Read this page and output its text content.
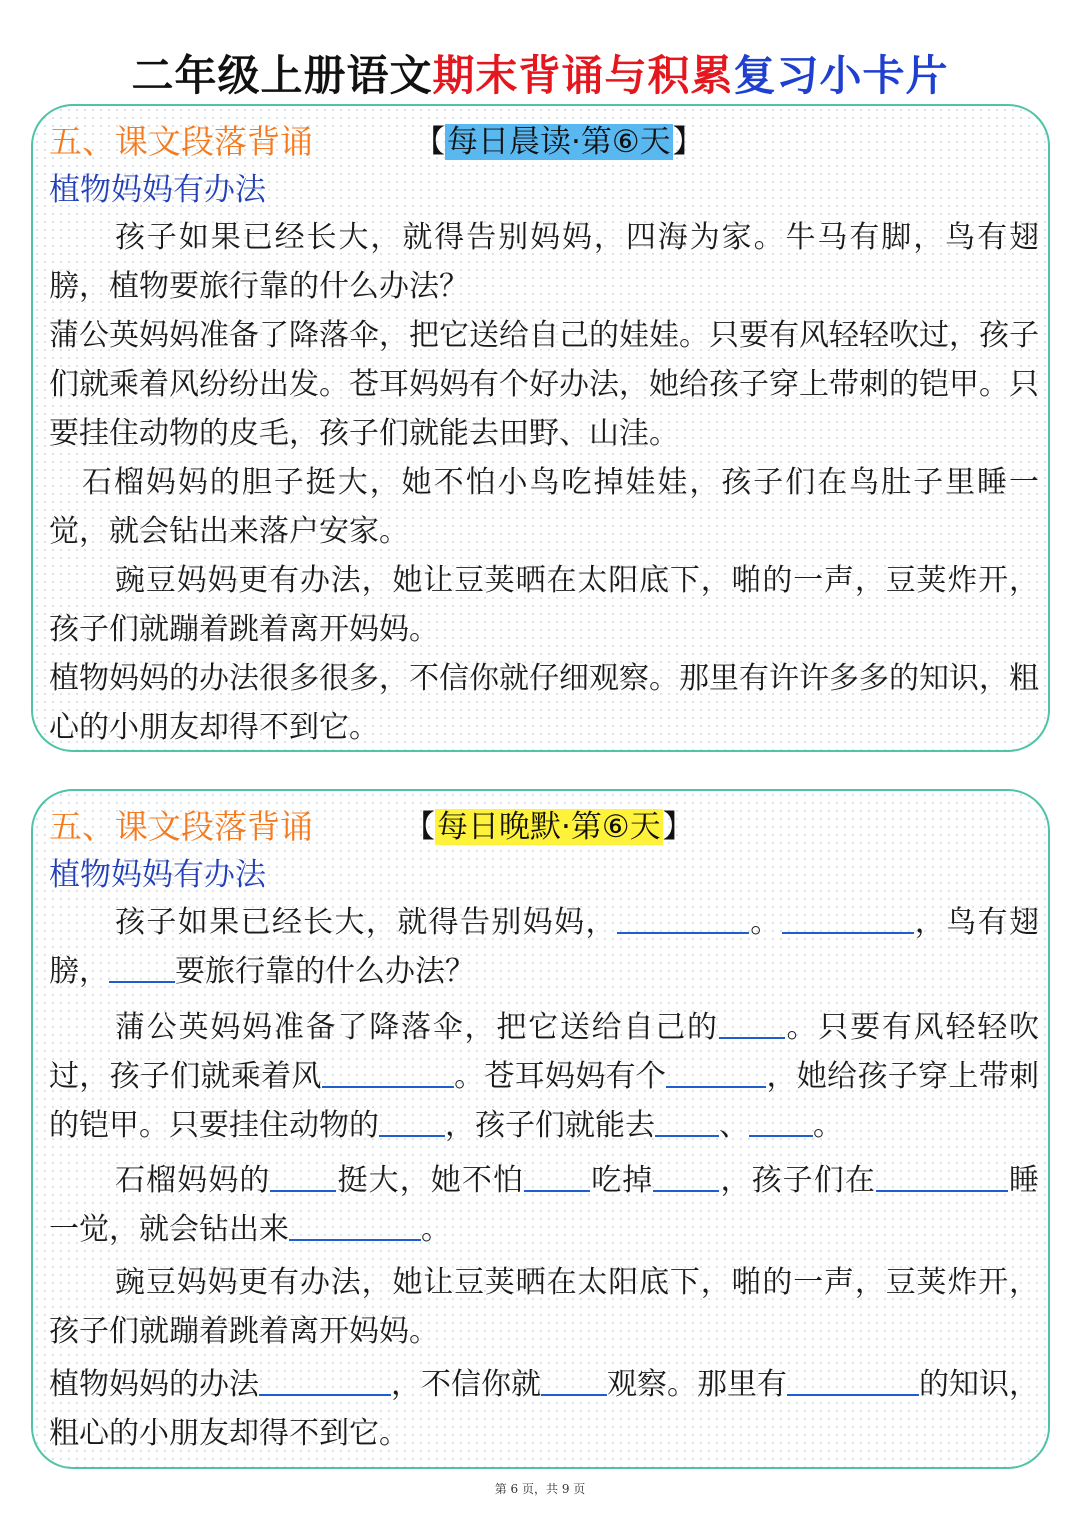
二年级上册语文期末背诵与积累复习小卡片
五、课文段落背诵	【每日晨读·第⑥天】
植物妈妈有办法
孩子如果已经长大，就得告别妈妈，四海为家。牛马有脚，鸟有翅膀，植物要旅行靠的什么办法？
蒲公英妈妈准备了降落伞，把它送给自己的娃娃。只要有风轻轻吹过，孩子们就乘着风纷纷出发。苍耳妈妈有个好办法，她给孩子穿上带刺的铠甲。只要挂住动物的皮毛，孩子们就能去田野、山洼。
石榴妈妈的胆子挺大，她不怕小鸟吃掉娃娃，孩子们在鸟肚子里睡一觉，就会钻出来落户安家。
豌豆妈妈更有办法，她让豆荚晒在太阳底下，啪的一声，豆荚炸开，孩子们就蹦着跳着离开妈妈。
植物妈妈的办法很多很多，不信你就仔细观察。那里有许许多多的知识，粗心的小朋友却得不到它。
五、课文段落背诵	【每日晚默·第⑥天】
植物妈妈有办法
孩子如果已经长大，就得告别妈妈，	。	，鸟有翅膀， 要旅行靠的什么办法？
蒲公英妈妈准备了降落伞，把它送给自己的 。只要有风轻轻吹过，孩子们就乘着风	。苍耳妈妈有个	，她给孩子穿上带刺的铠甲。只要挂住动物的 ，孩子们就能去 、 。
石榴妈妈的 挺大，她不怕 吃掉 ，孩子们在	睡一觉，就会钻出来	。
豌豆妈妈更有办法，她让豆荚晒在太阳底下，啪的一声，豆荚炸开，孩子们就蹦着跳着离开妈妈。
植物妈妈的办法	，不信你就 观察。那里有	的知识，粗心的小朋友却得不到它。
第 6 页，共 9 页
